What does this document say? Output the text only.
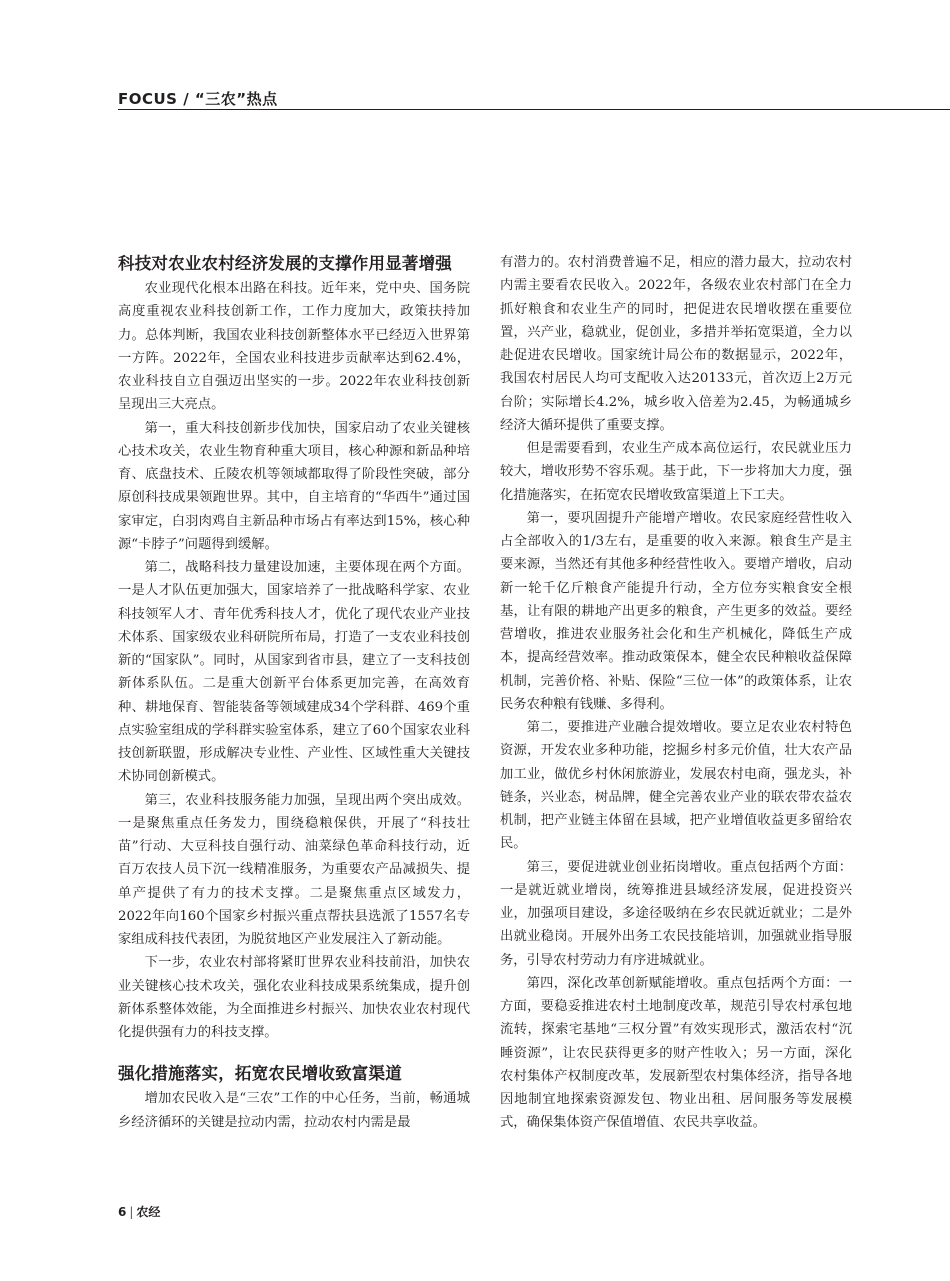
FOCUS / “三农”热点
科技对农业农村经济发展的支撑作用显著增强

农业现代化根本出路在科技。近年来，党中央、国务院高度重视农业科技创新工作，工作力度加大，政策扶持加力。总体判断，我国农业科技创新整体水平已经迈入世界第一方阵。2022年，全国农业科技进步贡献率达到62.4%，农业科技自立自强迈出坚实的一步。2022年农业科技创新呈现出三大亮点。

第一，重大科技创新步伐加快，国家启动了农业关键核心技术攻关，农业生物育种重大项目，核心种源和新品种培育、底盘技术、丘陵农机等领域都取得了阶段性突破，部分原创科技成果领跑世界。其中，自主培育的“华西牛”通过国家审定，白羽肉鸡自主新品种市场占有率达到15%，核心种源“卡脖子”问题得到缓解。

第二，战略科技力量建设加速，主要体现在两个方面。一是人才队伍更加强大，国家培养了一批战略科学家、农业科技领军人才、青年优秀科技人才，优化了现代农业产业技术体系、国家级农业科研院所布局，打造了一支农业科技创新的“国家队”。同时，从国家到省市县，建立了一支科技创新体系队伍。二是重大创新平台体系更加完善，在高效育种、耕地保育、智能装备等领域建成34个学科群、469个重点实验室组成的学科群实验室体系，建立了60个国家农业科技创新联盟，形成解决专业性、产业性、区域性重大关键技术协同创新模式。

第三，农业科技服务能力加强，呈现出两个突出成效。一是聚焦重点任务发力，围绕稳粮保供，开展了“科技壮苗”行动、大豆科技自强行动、油菜绿色革命科技行动，近百万农技人员下沉一线精准服务，为重要农产品减损失、提单产提供了有力的技术支撑。二是聚焦重点区域发力，2022年向160个国家乡村振兴重点帮扶县选派了1557名专家组成科技代表团，为脱贫地区产业发展注入了新动能。

下一步，农业农村部将紧盯世界农业科技前沿，加快农业关键核心技术攻关，强化农业科技成果系统集成，提升创新体系整体效能，为全面推进乡村振兴、加快农业农村现代化提供强有力的科技支撑。

强化措施落实，拓宽农民增收致富渠道

增加农民收入是“三农”工作的中心任务，当前，畅通城乡经济循环的关键是拉动内需，拉动农村内需是最

有潜力的。农村消费普遍不足，相应的潜力最大，拉动农村内需主要看农民收入。2022年，各级农业农村部门在全力抓好粮食和农业生产的同时，把促进农民增收摆在重要位置，兴产业，稳就业，促创业，多措并举拓宽渠道，全力以赴促进农民增收。国家统计局公布的数据显示，2022年，我国农村居民人均可支配收入达20133元，首次迈上2万元台阶；实际增长4.2%，城乡收入倍差为2.45，为畅通城乡经济大循环提供了重要支撑。

但是需要看到，农业生产成本高位运行，农民就业压力较大，增收形势不容乐观。基于此，下一步将加大力度，强化措施落实，在拓宽农民增收致富渠道上下工夫。

第一，要巩固提升产能增产增收。农民家庭经营性收入占全部收入的1/3左右，是重要的收入来源。粮食生产是主要来源，当然还有其他多种经营性收入。要增产增收，启动新一轮千亿斤粮食产能提升行动，全方位夯实粮食安全根基，让有限的耕地产出更多的粮食，产生更多的效益。要经营增收，推进农业服务社会化和生产机械化，降低生产成本，提高经营效率。推动政策保本，健全农民种粮收益保障机制，完善价格、补贴、保险“三位一体”的政策体系，让农民务农种粮有钱赚、多得利。

第二，要推进产业融合提效增收。要立足农业农村特色资源，开发农业多种功能，挖掘乡村多元价值，壮大农产品加工业，做优乡村休闲旅游业，发展农村电商，强龙头，补链条，兴业态，树品牌，健全完善农业产业的联农带农益农机制，把产业链主体留在县域，把产业增值收益更多留给农民。

第三，要促进就业创业拓岗增收。重点包括两个方面：一是就近就业增岗，统筹推进县域经济发展，促进投资兴业，加强项目建设，多途径吸纳在乡农民就近就业；二是外出就业稳岗。开展外出务工农民技能培训，加强就业指导服务，引导农村劳动力有序进城就业。

第四，深化改革创新赋能增收。重点包括两个方面：一方面，要稳妥推进农村土地制度改革，规范引导农村承包地流转，探索宅基地“三权分置”有效实现形式，激活农村“沉睡资源”，让农民获得更多的财产性收入；另一方面，深化农村集体产权制度改革，发展新型农村集体经济，指导各地因地制宜地探索资源发包、物业出租、居间服务等发展模式，确保集体资产保值增值、农民共享收益。

6 | 农经
